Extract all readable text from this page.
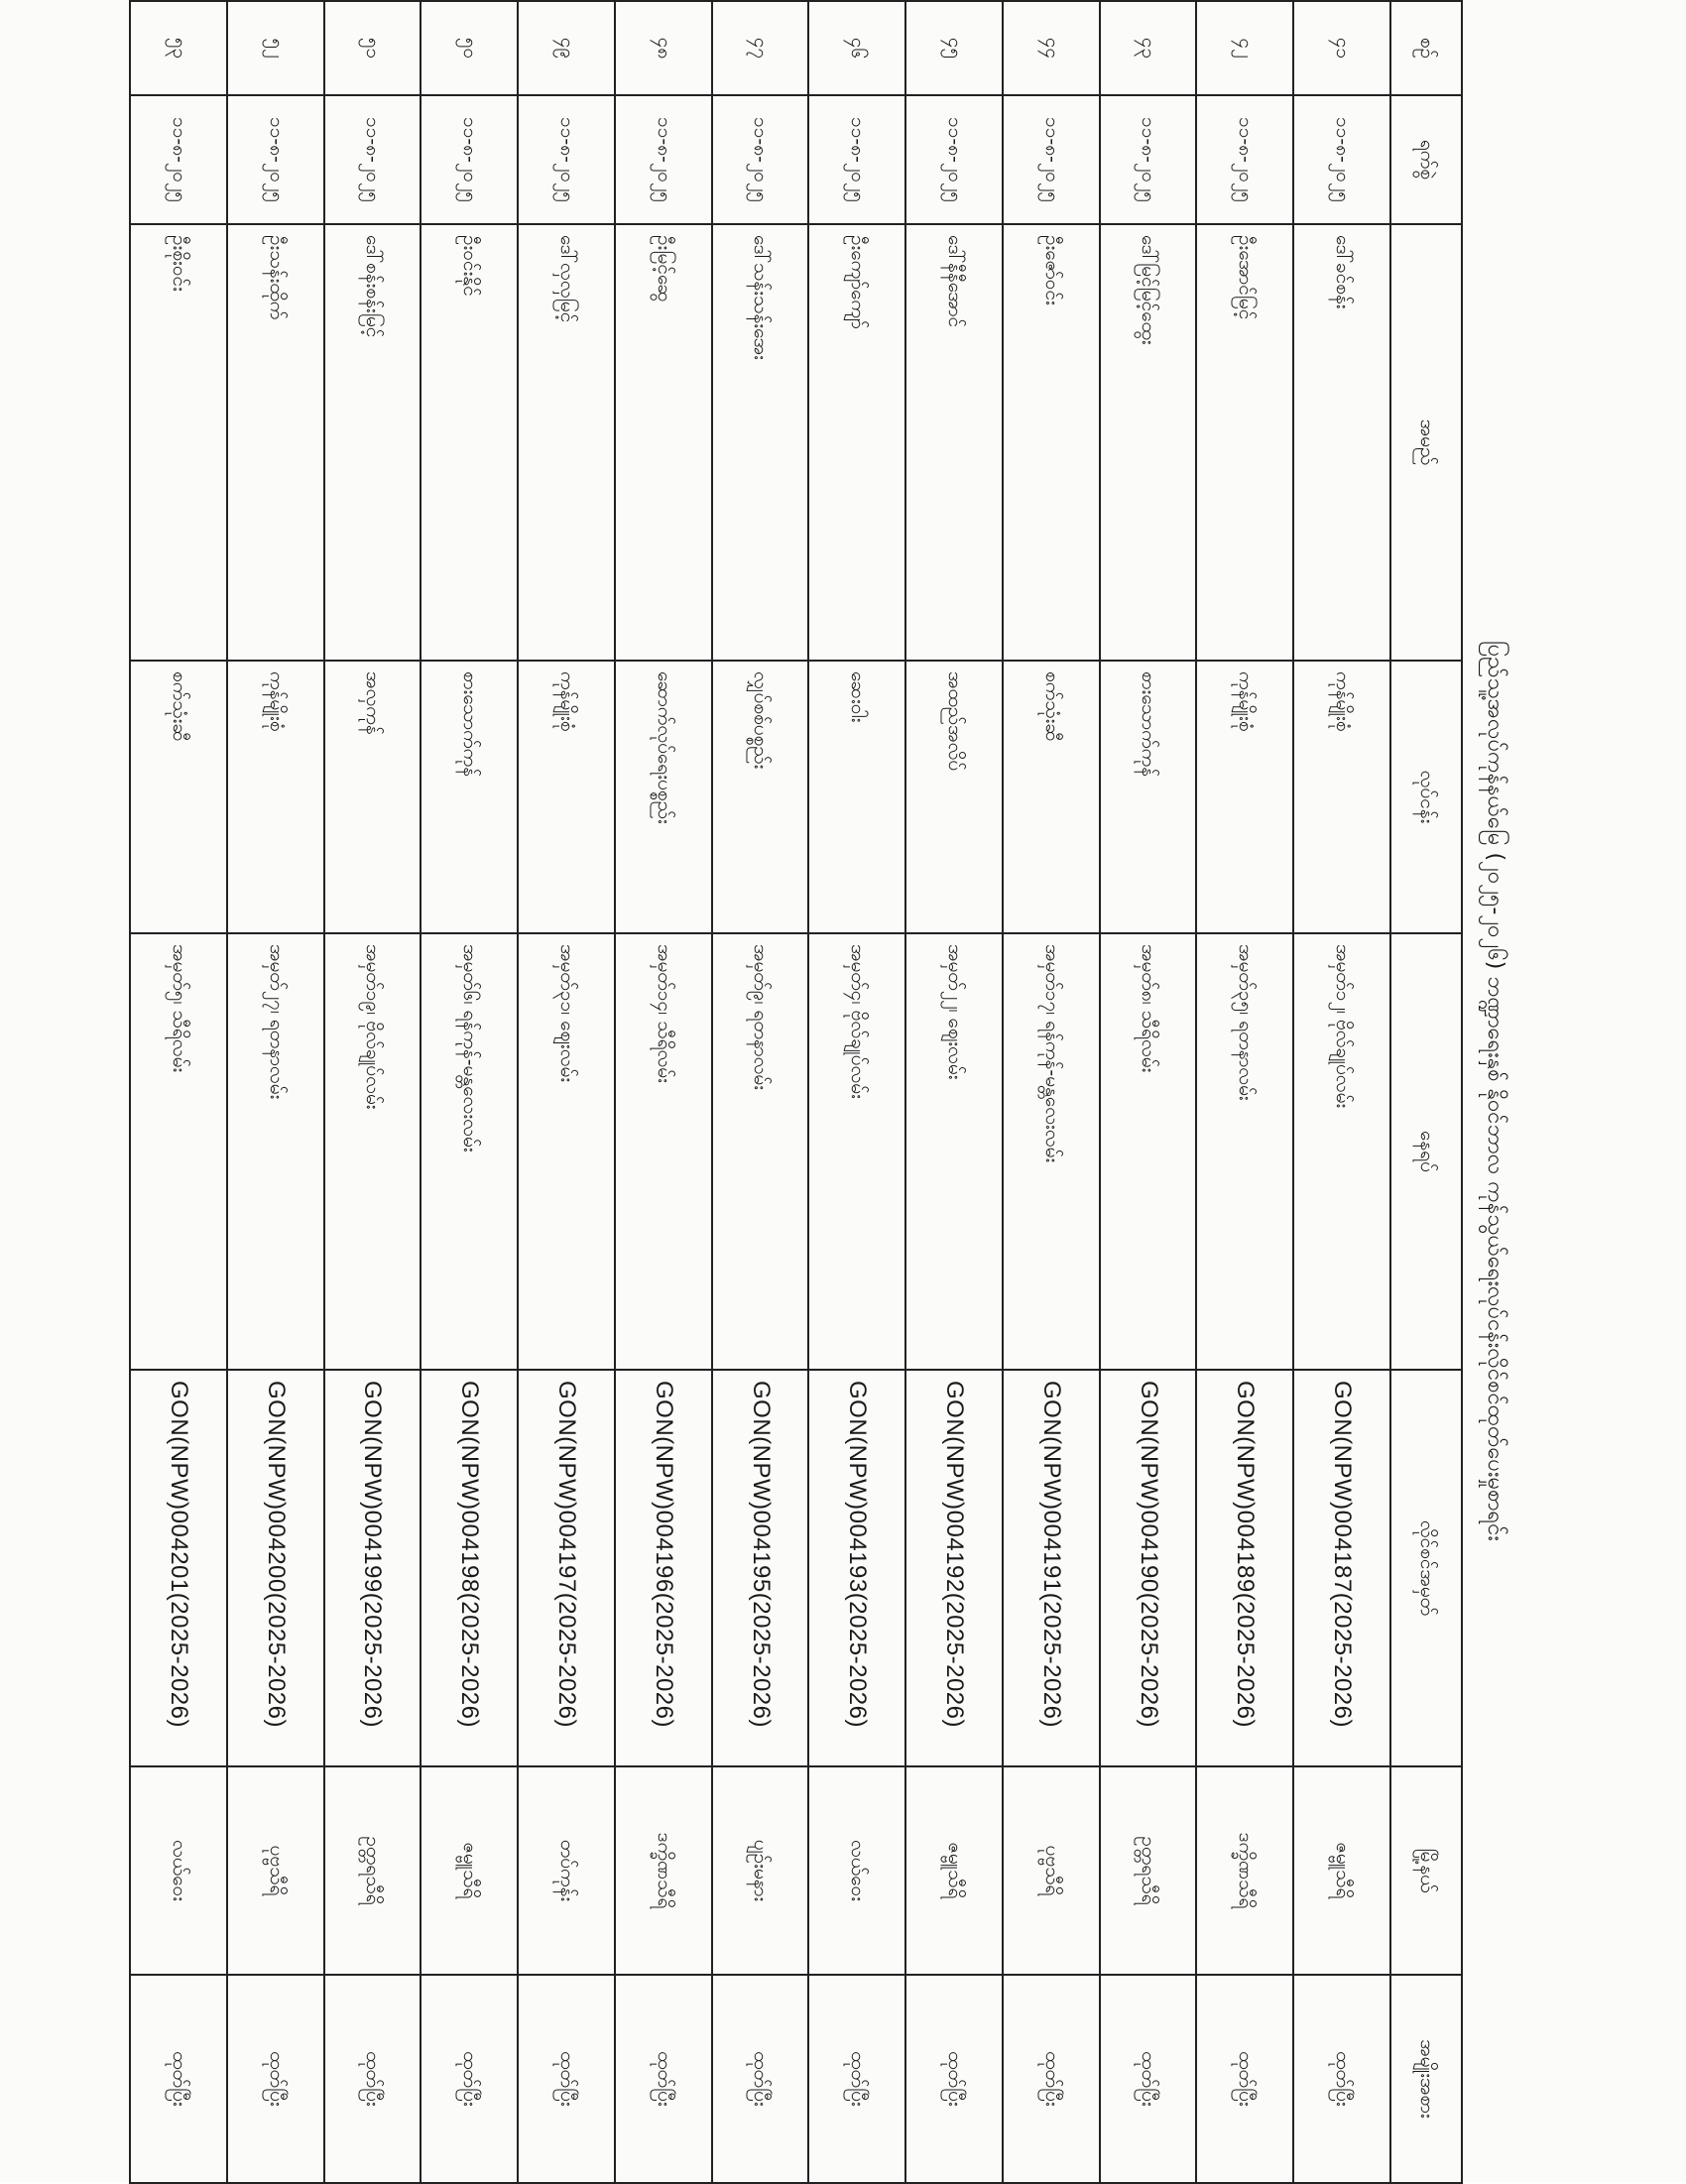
ပြည်သူ့အလုပ်ကုန်နယ်မြေ (၂၀၂၅-၂၀၂၆) ဘဏ္ဍာရေးနှစ် နိုဝင်ဘာလ ကုန်သွယ်ရေးလုပ်ငန်းလိုင်စင်ထုတ်ပေးမှုစာရင်း
စဉ်	ရက်စွဲ	အမည်	လုပ်ငန်း	နေရပ်	လိုင်စင်အမှတ်	မြို့နယ်	အမျိုးအစား
၄၁	၁၁-၈-၂၀၂၅	ဒေါ်ခင်စန်း	ကုန်မျိုးစုံ	အမှတ်၁၂၊ ဗိုလ်ချုပ်လမ်း	GON(NPW)004187(2025-2026)	ဇမ္ဗူသီရိ	ထုတ်ပြီး
၄၂	၁၁-၈-၂၀၂၅	ဦးအောင်မြင့်	ကုန်မျိုးစုံ	အမှတ်၃၅၊ ရတနာလမ်း	GON(NPW)004189(2025-2026)	ဒက္ခိဏသီရိ	ထုတ်ပြီး
၄၃	၁၁-၈-၂၀၂၅	ဒေါ်မြင့်မြင့်ထွေး	စားသောက်ကုန်	အမှတ်၈၊ သီရိလမ်း	GON(NPW)004190(2025-2026)	ဥတ္တရသီရိ	ထုတ်ပြီး
၄၄	၁၁-၈-၂၀၂၅	ဦးဇော်ဝင်း	စက်သုံးဆီ	အမှတ်၁၇၊ ရန်ကုန်-မန္တလေးလမ်း	GON(NPW)004191(2025-2026)	ပုဗ္ဗသီရိ	ထုတ်ပြီး
၄၅	၁၁-၈-၂၀၂၅	ဒေါ်နီနီအောင်	အထည်အလိပ်	အမှတ်၂၂၊ ဈေးလမ်း	GON(NPW)004192(2025-2026)	ဇမ္ဗူသီရိ	ထုတ်ပြီး
၄၆	၁၁-၈-၂၀၂၅	ဦးကျော်ကျော်	ဆေးဝါး	အမှတ်၄၊ ဗိုလ်ချုပ်လမ်း	GON(NPW)004193(2025-2026)	လယ်ဝေး	ထုတ်ပြီး
၄၇	၁၁-၈-၂၀၂၅	ဒေါ်သန်းသန်းအေး	လျှပ်စစ်ပစ္စည်း	အမှတ်၉၊ ရတနာလမ်း	GON(NPW)004195(2025-2026)	ပျဉ်းမနား	ထုတ်ပြီး
၄၈	၁၁-၈-၂၀၂၅	ဦးမြင့်ဆွေ	ဆောက်လုပ်ရေးပစ္စည်း	အမှတ်၁၄၊ သီရိလမ်း	GON(NPW)004196(2025-2026)	ဒက္ခိဏသီရိ	ထုတ်ပြီး
၄၉	၁၁-၈-၂၀၂၅	ဒေါ်လှလှမြင့်	ကုန်မျိုးစုံ	အမှတ်၃၁၊ ဈေးလမ်း	GON(NPW)004197(2025-2026)	တပ်ကုန်း	ထုတ်ပြီး
၅၀	၁၁-၈-၂၀၂၅	ဦးဝင်းနိုင်	စားသောက်ကုန်	အမှတ်၆၊ ရန်ကုန်-မန္တလေးလမ်း	GON(NPW)004198(2025-2026)	ဇမ္ဗူသီရိ	ထုတ်ပြီး
၅၁	၁၁-၈-၂၀၂၅	ဒေါ်စန်းစန်းမြင့်	အလှကုန်	အမှတ်၁၉၊ ဗိုလ်ချုပ်လမ်း	GON(NPW)004199(2025-2026)	ဥတ္တရသီရိ	ထုတ်ပြီး
၅၂	၁၁-၈-၂၀၂၅	ဦးသန်းထိုက်	ကုန်မျိုးစုံ	အမှတ်၂၇၊ ရတနာလမ်း	GON(NPW)004200(2025-2026)	ပုဗ္ဗသီရိ	ထုတ်ပြီး
၅၃	၁၁-၈-၂၀၂၅	ဦးစိုးဝင်း	စက်သုံးဆီ	အမှတ်၅၊ သီရိလမ်း	GON(NPW)004201(2025-2026)	လယ်ဝေး	ထုတ်ပြီး
